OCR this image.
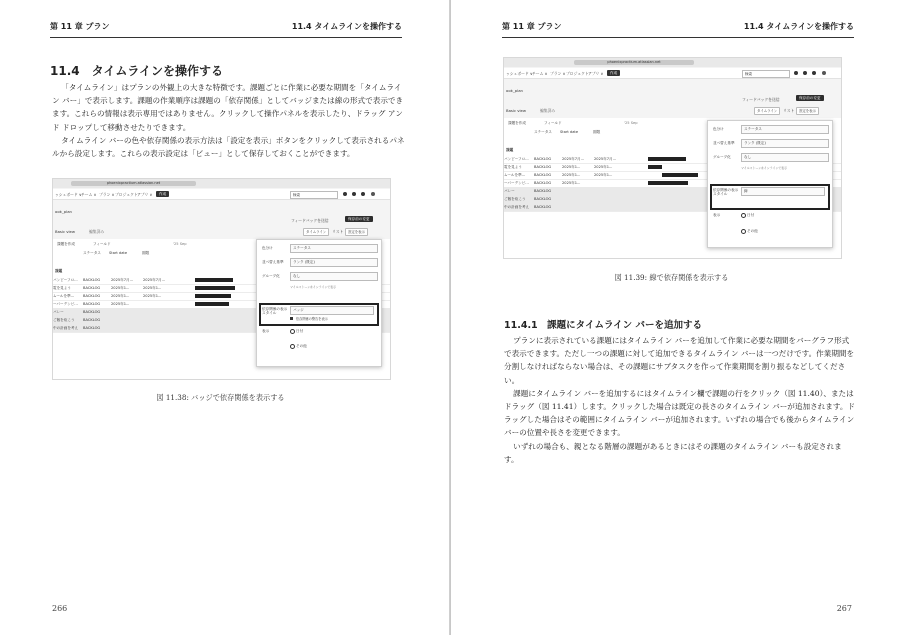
第 11 章 プラン	11.4 タイムラインを操作する
11.4　タイムラインを操作する

「タイムライン」はプランの外観上の大きな特徴です。課題ごとに作業に必要な期間を「タイムライン バー」で表示します。課題の作業順序は課題の「依存関係」としてバッジまたは線の形式で表示できます。これらの情報は表示専用ではありません。クリックして操作パネルを表示したり、ドラッグ アンド ドロップして移動させたりできます。

タイムライン バーの色や依存関係の表示方法は「設定を表示」ボタンをクリックして表示されるパネルから設定します。これらの表示設定は「ビュー」として保存しておくことができます。

phoenixpractium.atlassian.net
ッシュボード ∨ チーム ∨ プラン ∨ プロジェクト アプリ ∨	作成	検索
ook_plan
フィードバックを送信	保存前の変更
Basic view	編集済み	タイムライン	リスト	設定を表示
課題を作成	フィールド	'25 Sep
ステータス Start date	期限
課題
バンピーフロ... BACKLOG	2025年7月...	2025年7月...
電を見よう	BACKLOG	2025年1...	2025年1...
ムールを準... BACKLOG	2025年1...	2025年1...
ーパーデンビ... BACKLOG	2025年1...
バレー	BACKLOG
ご飯を炊こう BACKLOG
中の計画を考え BACKLOG
色分け	ステータス
並べ替え基準	ランク (既定)
グループ化	なし
マイルストーンをインラインで表示
依存関係の表示スタイル
バッジ
依存関係の警告を表示
表示	日付
その他
図 11.38: バッジで依存関係を表示する
266
第 11 章 プラン	11.4 タイムラインを操作する
phoenixpractium.atlassian.net
ッシュボード ∨ チーム ∨ プラン ∨ プロジェクト アプリ ∨	作成	検索
ook_plan
フィードバックを送信	保存前の変更
Basic view	編集済み	タイムライン	リスト	設定を表示
課題を作成	フィールド	'25 Sep
ステータス Start date	期限
課題
バンピーフロ... BACKLOG	2025年7月...	2025年7月...
電を見よう	BACKLOG	2025年1...	2025年1...
ムールを準... BACKLOG	2025年1...	2025年1...
ーパーデンビ... BACKLOG	2025年1...
バレー	BACKLOG
ご飯を炊こう BACKLOG
中の計画を考え BACKLOG
色分け	ステータス
並べ替え基準	ランク (既定)
グループ化	なし
マイルストーンをインラインで表示
依存関係の表示スタイル
線
表示	日付
その他
図 11.39: 線で依存関係を表示する
11.4.1　課題にタイムライン バーを追加する

プランに表示されている課題にはタイムライン バーを追加して作業に必要な期間をバーグラフ形式で表示できます。ただし一つの課題に対して追加できるタイムライン バーは一つだけです。作業期間を分割しなければならない場合は、その課題にサブタスクを作って作業期間を割り振るなどしてください。

課題にタイムライン バーを追加するにはタイムライン欄で課題の行をクリック（図 11.40）、またはドラッグ（図 11.41）します。クリックした場合は既定の長さのタイムライン バーが追加されます。ドラッグした場合はその範囲にタイムライン バーが追加されます。いずれの場合でも後からタイムライン バーの位置や長さを変更できます。

いずれの場合も、親となる階層の課題があるときにはその課題のタイムライン バーも設定されます。

267
